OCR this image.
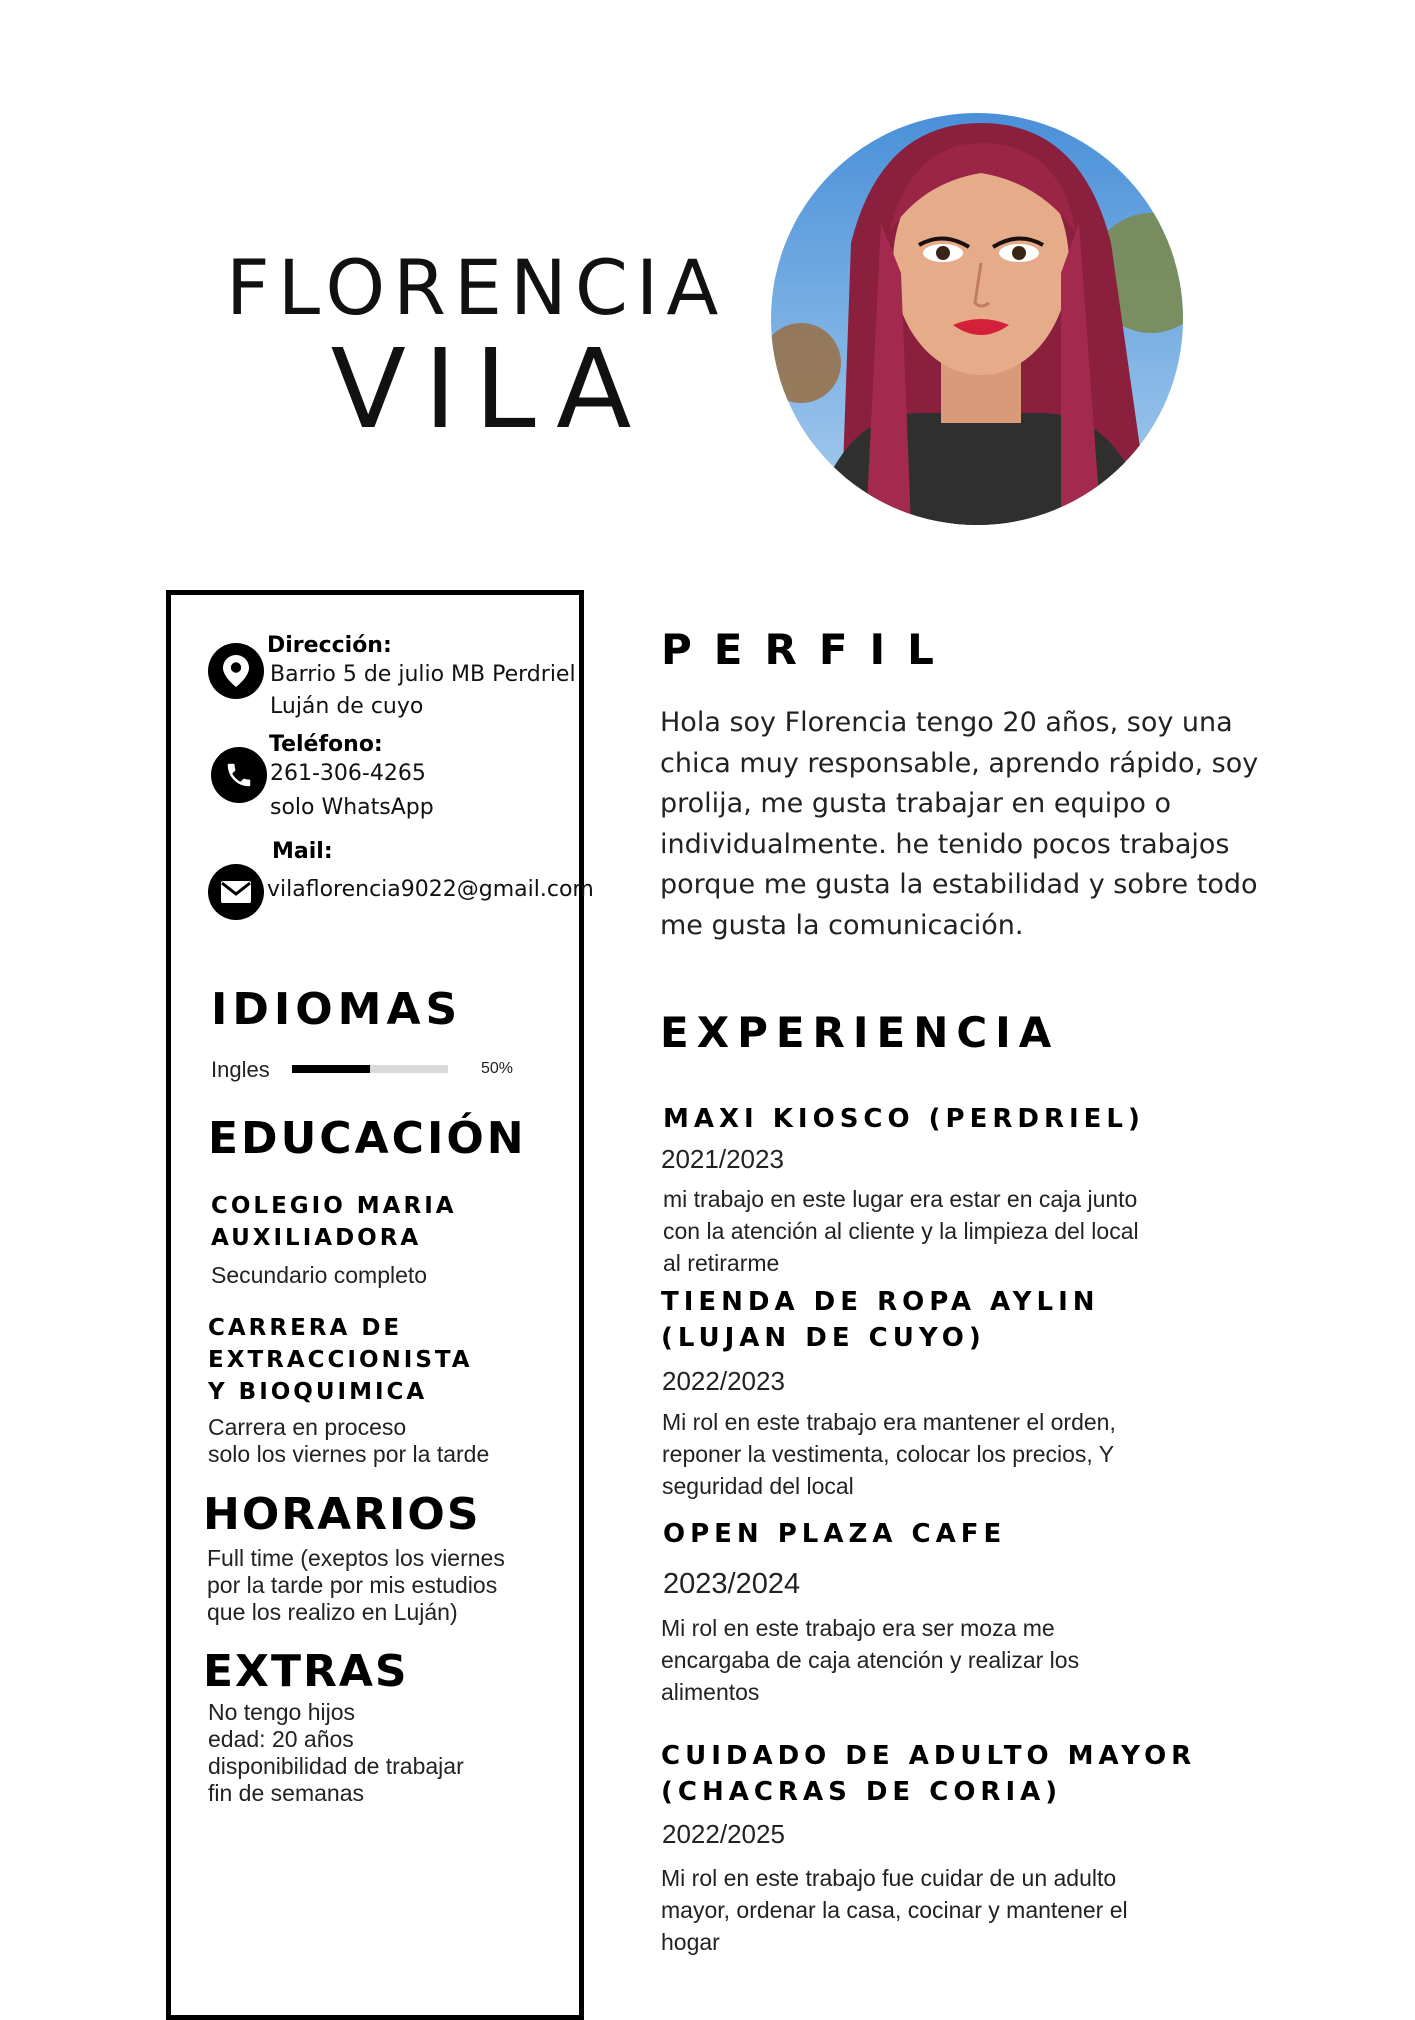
FLORENCIA
VILA
Dirección:
Barrio 5 de julio MB Perdriel
Luján de cuyo
Teléfono:
261-306-4265
solo WhatsApp
Mail:
vilaflorencia9022@gmail.com
IDIOMAS
Ingles	50%
EDUCACIÓN
COLEGIO MARIA
AUXILIADORA
Secundario completo
CARRERA DE
EXTRACCIONISTA
Y BIOQUIMICA
Carrera en proceso
solo los viernes por la tarde
HORARIOS
Full time (exeptos los viernes
por la tarde por mis estudios
que los realizo en Luján)
EXTRAS
No tengo hijos
edad: 20 años
disponibilidad de trabajar
fin de semanas
PERFIL
Hola soy Florencia tengo 20 años, soy una
chica muy responsable, aprendo rápido, soy
prolija, me gusta trabajar en equipo o
individualmente. he tenido pocos trabajos
porque me gusta la estabilidad y sobre todo
me gusta la comunicación.
EXPERIENCIA
MAXI KIOSCO (PERDRIEL)
2021/2023
mi trabajo en este lugar era estar en caja junto
con la atención al cliente y la limpieza del local
al retirarme
TIENDA DE ROPA AYLIN
(LUJAN DE CUYO)
2022/2023
Mi rol en este trabajo era mantener el orden,
reponer la vestimenta, colocar los precios, Y
seguridad del local
OPEN PLAZA CAFE
2023/2024
Mi rol en este trabajo era ser moza me
encargaba de caja atención y realizar los
alimentos
CUIDADO DE ADULTO MAYOR
(CHACRAS DE CORIA)
2022/2025
Mi rol en este trabajo fue cuidar de un adulto
mayor, ordenar la casa, cocinar y mantener el
hogar
